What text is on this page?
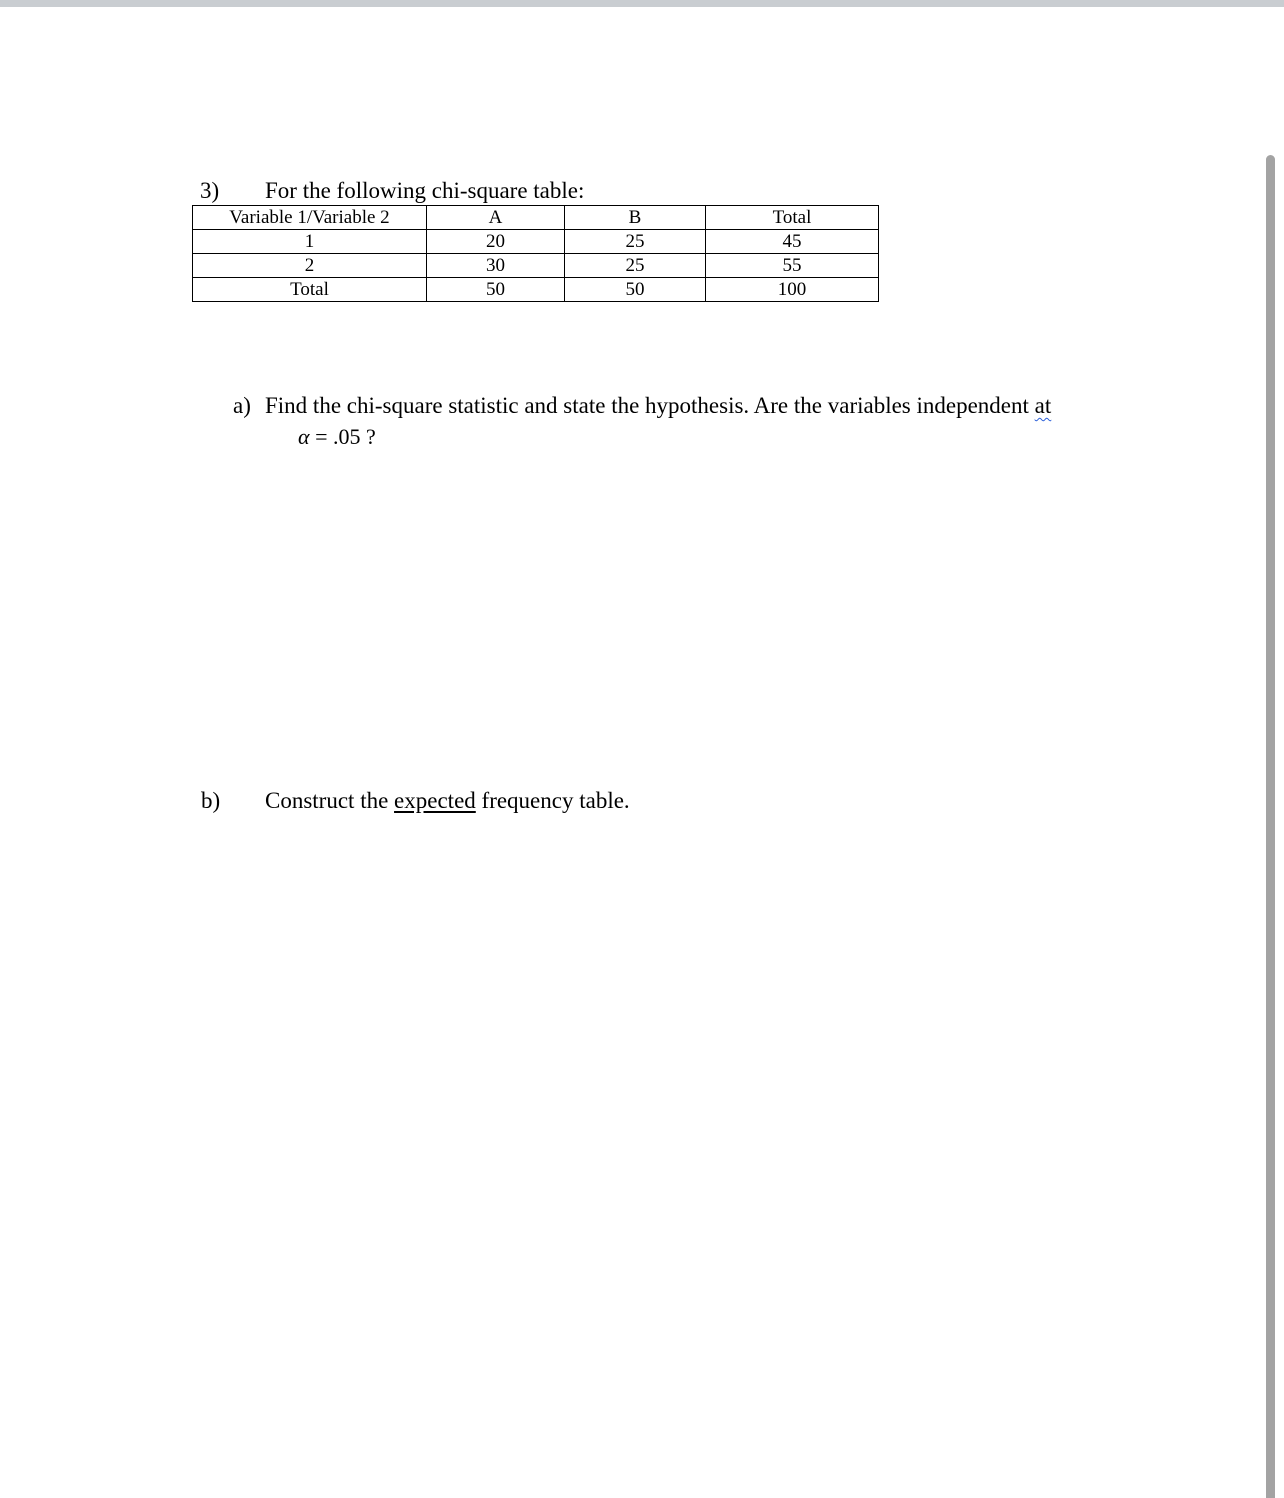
3) For the following chi-square table:
Variable 1/Variable 2	A	B	Total
1	20	25	45
2	30	25	55
Total	50	50	100
a) Find the chi-square statistic and state the hypothesis. Are the variables independent at
α = .05 ?
b) Construct the expected frequency table.
